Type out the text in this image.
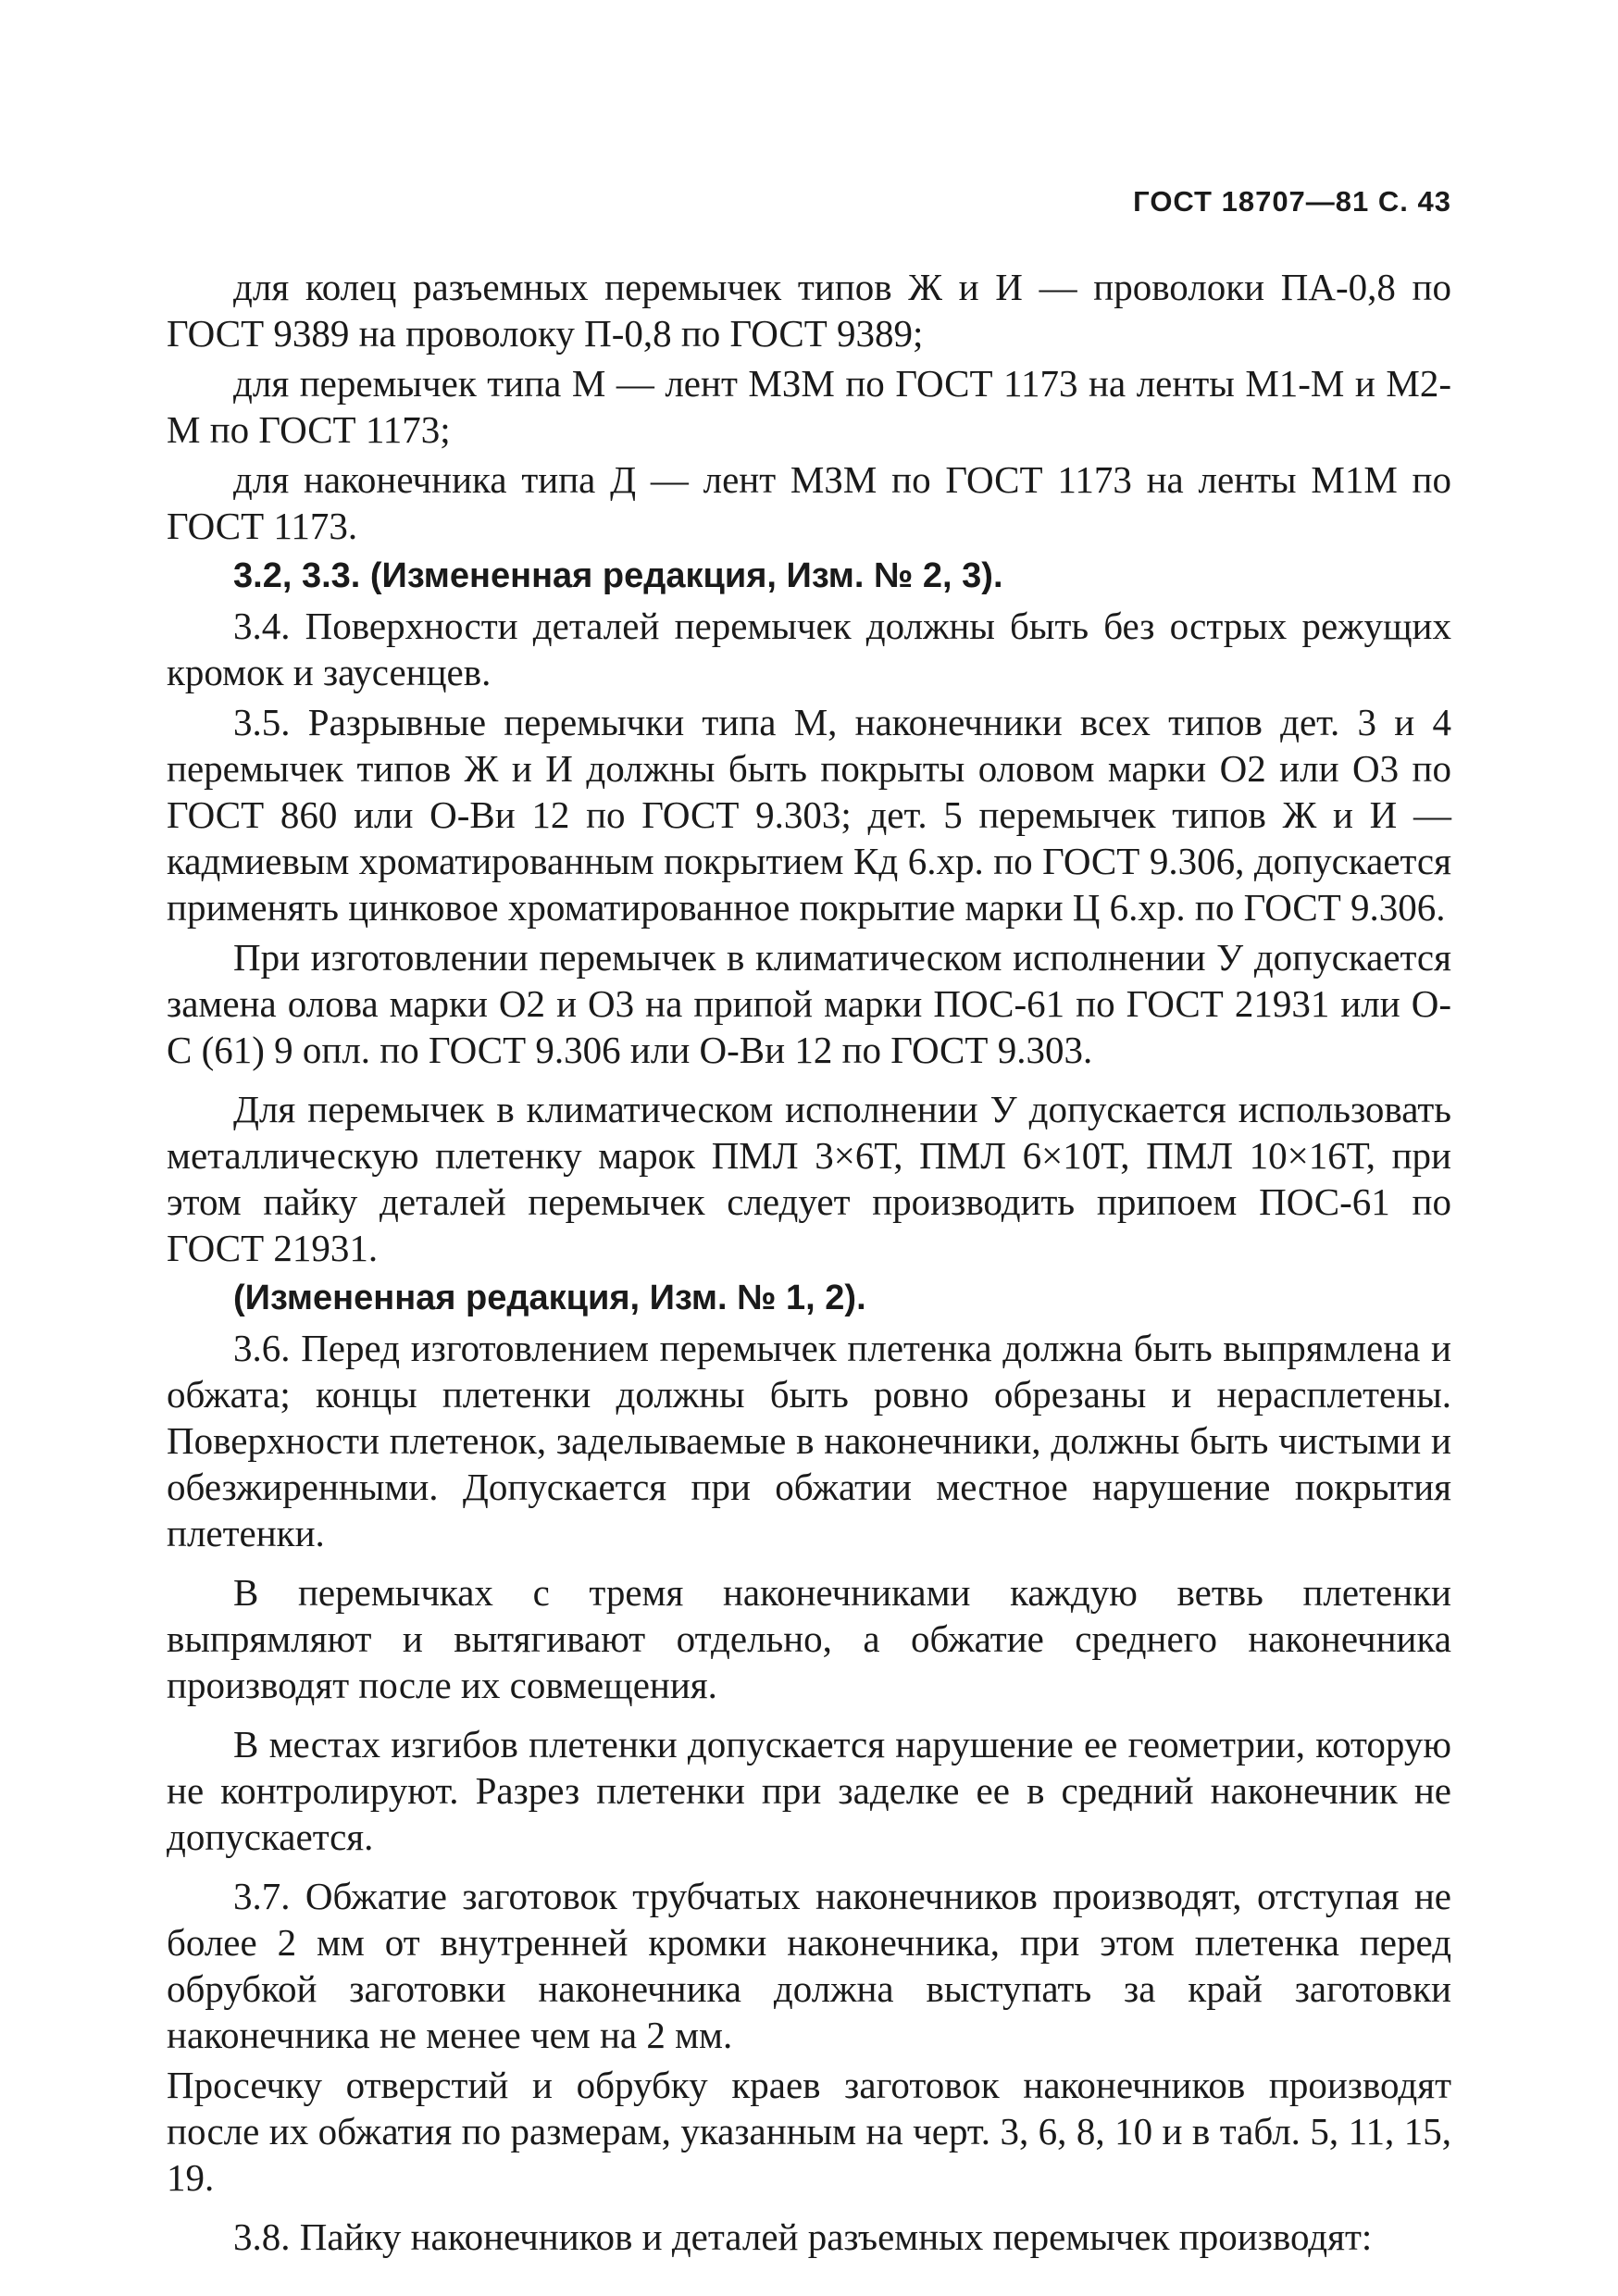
ГОСТ 18707—81 С. 43

для колец разъемных перемычек типов Ж и И — проволоки ПА-0,8 по ГОСТ 9389 на проволоку П-0,8 по ГОСТ 9389;

для перемычек типа М — лент МЗМ по ГОСТ 1173 на ленты М1-М и М2-М по ГОСТ 1173;

для наконечника типа Д — лент МЗМ по ГОСТ 1173 на ленты М1М по ГОСТ 1173.

3.2, 3.3. (Измененная редакция, Изм. № 2, 3).

3.4. Поверхности деталей перемычек должны быть без острых режущих кромок и заусенцев.

3.5. Разрывные перемычки типа М, наконечники всех типов дет. 3 и 4 перемычек типов Ж и И должны быть покрыты оловом марки О2 или О3 по ГОСТ 860 или О-Ви 12 по ГОСТ 9.303; дет. 5 перемычек типов Ж и И — кадмиевым хроматированным покрытием Кд 6.хр. по ГОСТ 9.306, допускается применять цинковое хроматированное покрытие марки Ц 6.хр. по ГОСТ 9.306.

При изготовлении перемычек в климатическом исполнении У допускается замена олова марки О2 и О3 на припой марки ПОС-61 по ГОСТ 21931 или О-С (61) 9 опл. по ГОСТ 9.306 или О-Ви 12 по ГОСТ 9.303.

Для перемычек в климатическом исполнении У допускается использовать металлическую плетенку марок ПМЛ 3×6Т, ПМЛ 6×10Т, ПМЛ 10×16Т, при этом пайку деталей перемычек следует производить припоем ПОС-61 по ГОСТ 21931.

(Измененная редакция, Изм. № 1, 2).

3.6. Перед изготовлением перемычек плетенка должна быть выпрямлена и обжата; концы плетенки должны быть ровно обрезаны и нерасплетены. Поверхности плетенок, заделываемые в наконечники, должны быть чистыми и обезжиренными. Допускается при обжатии местное нарушение покрытия плетенки.

В перемычках с тремя наконечниками каждую ветвь плетенки выпрямляют и вытягивают отдельно, а обжатие среднего наконечника производят после их совмещения.

В местах изгибов плетенки допускается нарушение ее геометрии, которую не контролируют. Разрез плетенки при заделке ее в средний наконечник не допускается.

3.7. Обжатие заготовок трубчатых наконечников производят, отступая не более 2 мм от внутренней кромки наконечника, при этом плетенка перед обрубкой заготовки наконечника должна выступать за край заготовки наконечника не менее чем на 2 мм.

Просечку отверстий и обрубку краев заготовок наконечников производят после их обжатия по размерам, указанным на черт. 3, 6, 8, 10 и в табл. 5, 11, 15, 19.

3.8. Пайку наконечников и деталей разъемных перемычек производят:
